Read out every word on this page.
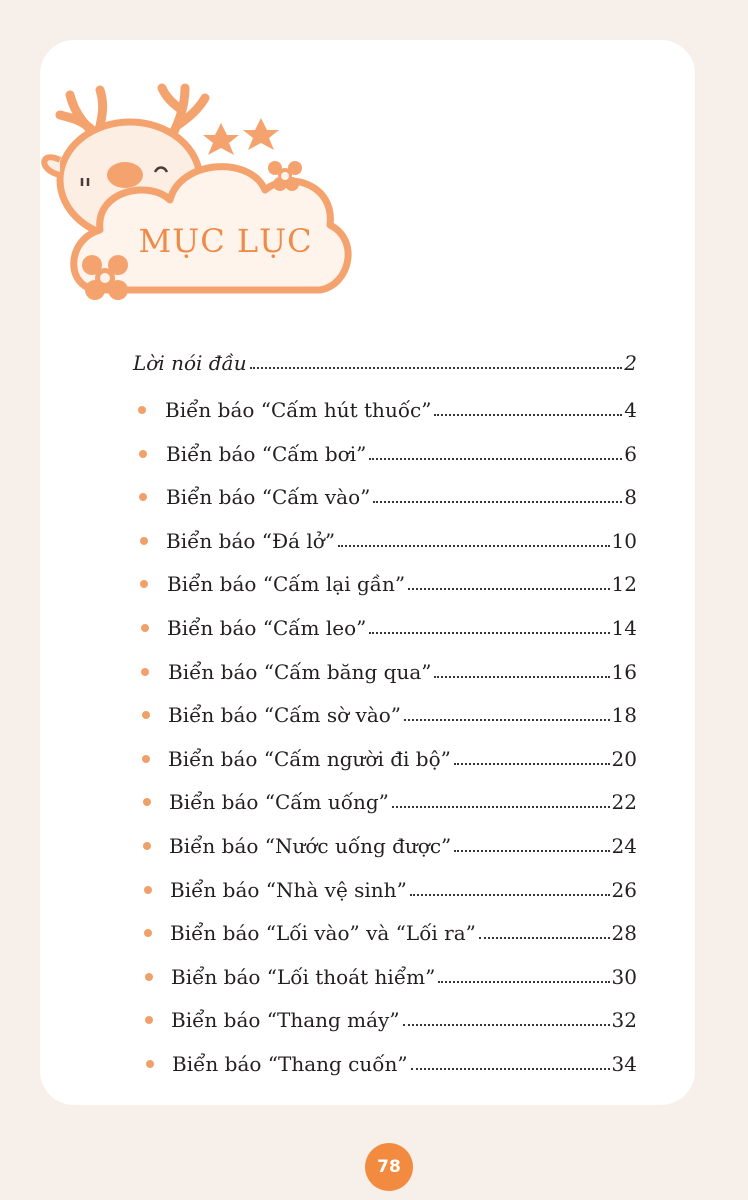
MỤC LỤC
Lời nói đầu	2
Biển báo “Cấm hút thuốc”	4
Biển báo “Cấm bơi”	6
Biển báo “Cấm vào”	8
Biển báo “Đá lở”	10
Biển báo “Cấm lại gần”	12
Biển báo “Cấm leo”	14
Biển báo “Cấm băng qua”	16
Biển báo “Cấm sờ vào”	18
Biển báo “Cấm người đi bộ”	20
Biển báo “Cấm uống”	22
Biển báo “Nước uống được”	24
Biển báo “Nhà vệ sinh”	26
Biển báo “Lối vào” và “Lối ra”	28
Biển báo “Lối thoát hiểm”	30
Biển báo “Thang máy”	32
Biển báo “Thang cuốn”	34
78
